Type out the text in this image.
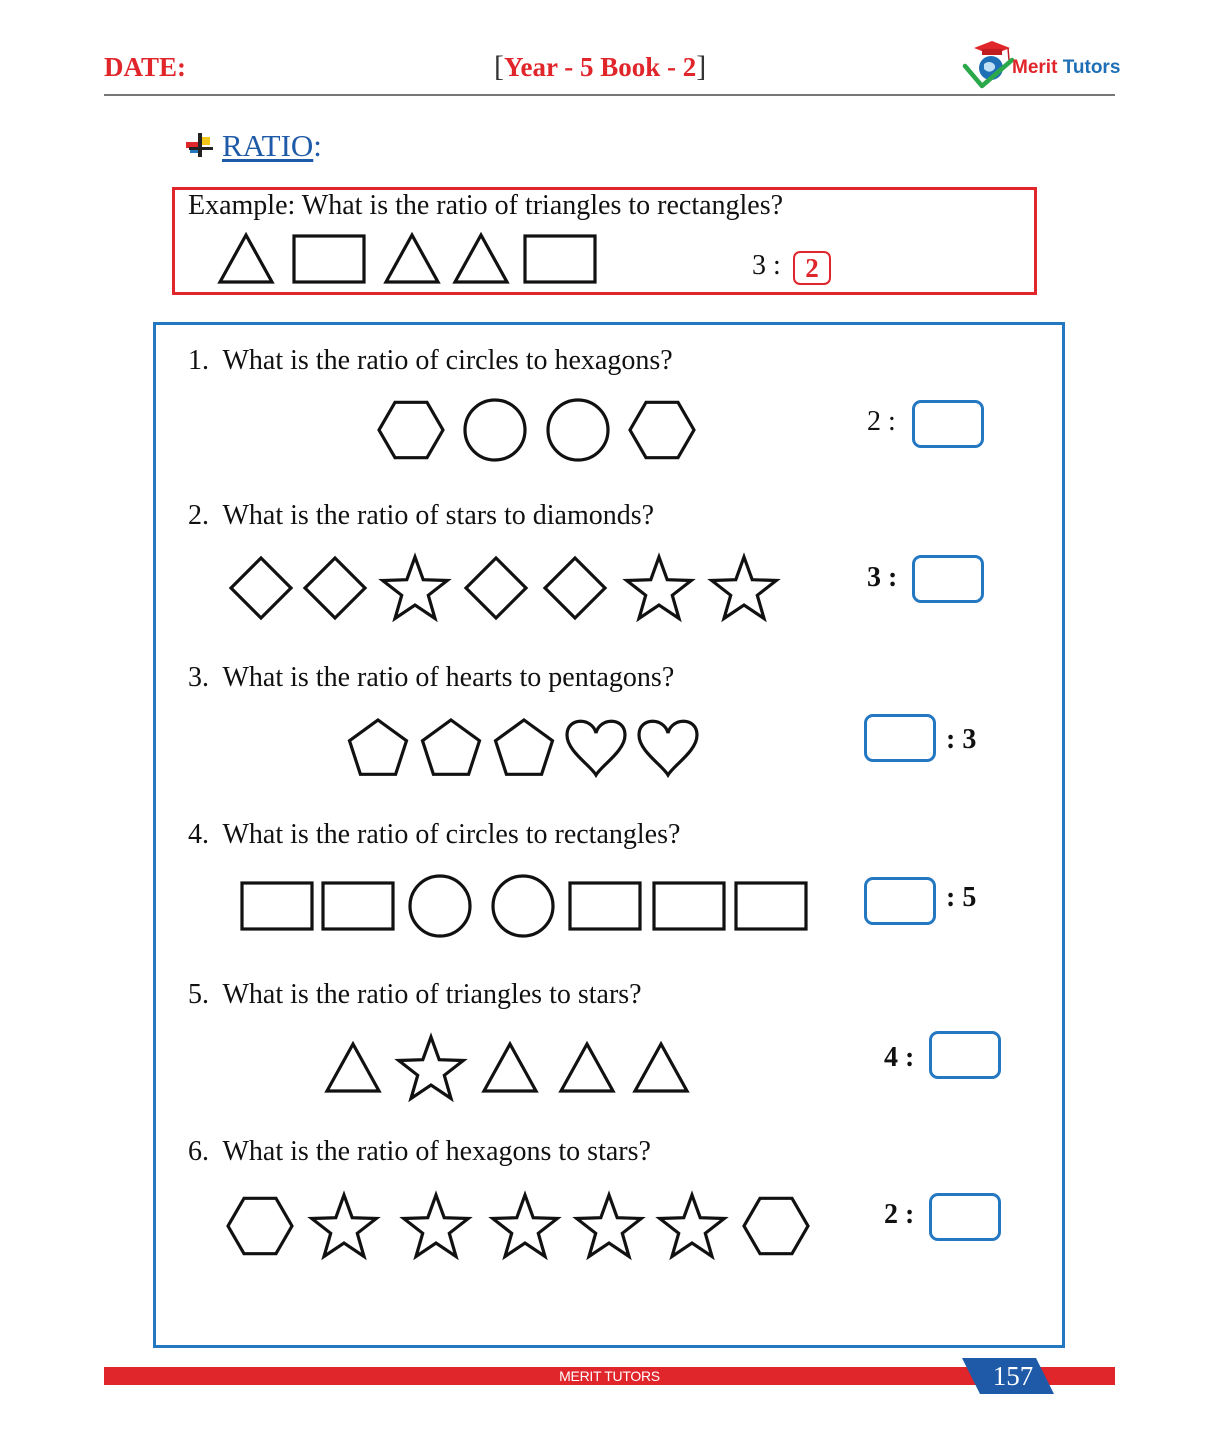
DATE:	[Year - 5 Book - 2]	Merit Tutors
RATIO:
Example: What is the ratio of triangles to rectangles?
3 : 2
1. What is the ratio of circles to hexagons?
2. What is the ratio of stars to diamonds?
3. What is the ratio of hearts to pentagons?
4. What is the ratio of circles to rectangles?
5. What is the ratio of triangles to stars?
6. What is the ratio of hexagons to stars?
2 :
3 :
: 3
: 5
4 :
2 :
MERIT TUTORS	157
